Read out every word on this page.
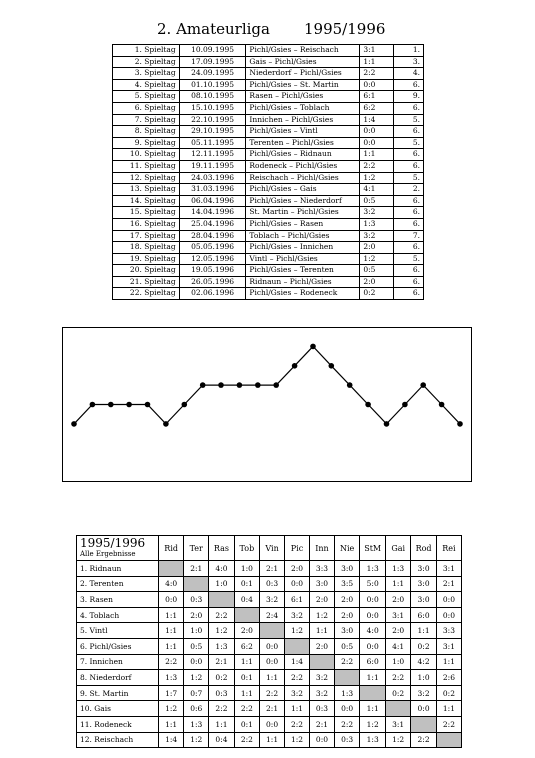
2. Amateurliga 1995/1996
1. Spieltag	10.09.1995	Pichl/Gsies – Reischach	3:1	1.
2. Spieltag	17.09.1995	Gais – Pichl/Gsies	1:1	3.
3. Spieltag	24.09.1995	Niederdorf – Pichl/Gsies	2:2	4.
4. Spieltag	01.10.1995	Pichl/Gsies – St. Martin	0:0	6.
5. Spieltag	08.10.1995	Rasen – Pichl/Gsies	6:1	9.
6. Spieltag	15.10.1995	Pichl/Gsies – Toblach	6:2	6.
7. Spieltag	22.10.1995	Innichen – Pichl/Gsies	1:4	5.
8. Spieltag	29.10.1995	Pichl/Gsies – Vintl	0:0	6.
9. Spieltag	05.11.1995	Terenten – Pichl/Gsies	0:0	5.
10. Spieltag	12.11.1995	Pichl/Gsies – Ridnaun	1:1	6.
11. Spieltag	19.11.1995	Rodeneck – Pichl/Gsies	2:2	6.
12. Spieltag	24.03.1996	Reischach – Pichl/Gsies	1:2	5.
13. Spieltag	31.03.1996	Pichl/Gsies – Gais	4:1	2.
14. Spieltag	06.04.1996	Pichl/Gsies – Niederdorf	0:5	6.
15. Spieltag	14.04.1996	St. Martin – Pichl/Gsies	3:2	6.
16. Spieltag	25.04.1996	Pichl/Gsies – Rasen	1:3	6.
17. Spieltag	28.04.1996	Toblach – Pichl/Gsies	3:2	7.
18. Spieltag	05.05.1996	Pichl/Gsies – Innichen	2:0	6.
19. Spieltag	12.05.1996	Vintl – Pichl/Gsies	1:2	5.
20. Spieltag	19.05.1996	Pichl/Gsies – Terenten	0:5	6.
21. Spieltag	26.05.1996	Ridnaun – Pichl/Gsies	2:0	6.
22. Spieltag	02.06.1996	Pichl/Gsies – Rodeneck	0:2	6.
1995/1996
Alle Ergebnisse	Rid	Ter	Ras	Tob	Vin	Pic	Inn	Nie	StM	Gai	Rod	Rei
1. Ridnaun		2:1	4:0	1:0	2:1	2:0	3:3	3:0	1:3	1:3	3:0	3:1
2. Terenten	4:0		1:0	0:1	0:3	0:0	3:0	3:5	5:0	1:1	3:0	2:1
3. Rasen	0:0	0:3		0:4	3:2	6:1	2:0	2:0	0:0	2:0	3:0	0:0
4. Toblach	1:1	2:0	2:2		2:4	3:2	1:2	2:0	0:0	3:1	6:0	0:0
5. Vintl	1:1	1:0	1:2	2:0		1:2	1:1	3:0	4:0	2:0	1:1	3:3
6. Pichl/Gsies	1:1	0:5	1:3	6:2	0:0		2:0	0:5	0:0	4:1	0:2	3:1
7. Innichen	2:2	0:0	2:1	1:1	0:0	1:4		2:2	6:0	1:0	4:2	1:1
8. Niederdorf	1:3	1:2	0:2	0:1	1:1	2:2	3:2		1:1	2:2	1:0	2:6
9. St. Martin	1:7	0:7	0:3	1:1	2:2	3:2	3:2	1:3		0:2	3:2	0:2
10. Gais	1:2	0:6	2:2	2:2	2:1	1:1	0:3	0:0	1:1		0:0	1:1
11. Rodeneck	1:1	1:3	1:1	0:1	0:0	2:2	2:1	2:2	1:2	3:1		2:2
12. Reischach	1:4	1:2	0:4	2:2	1:1	1:2	0:0	0:3	1:3	1:2	2:2	
